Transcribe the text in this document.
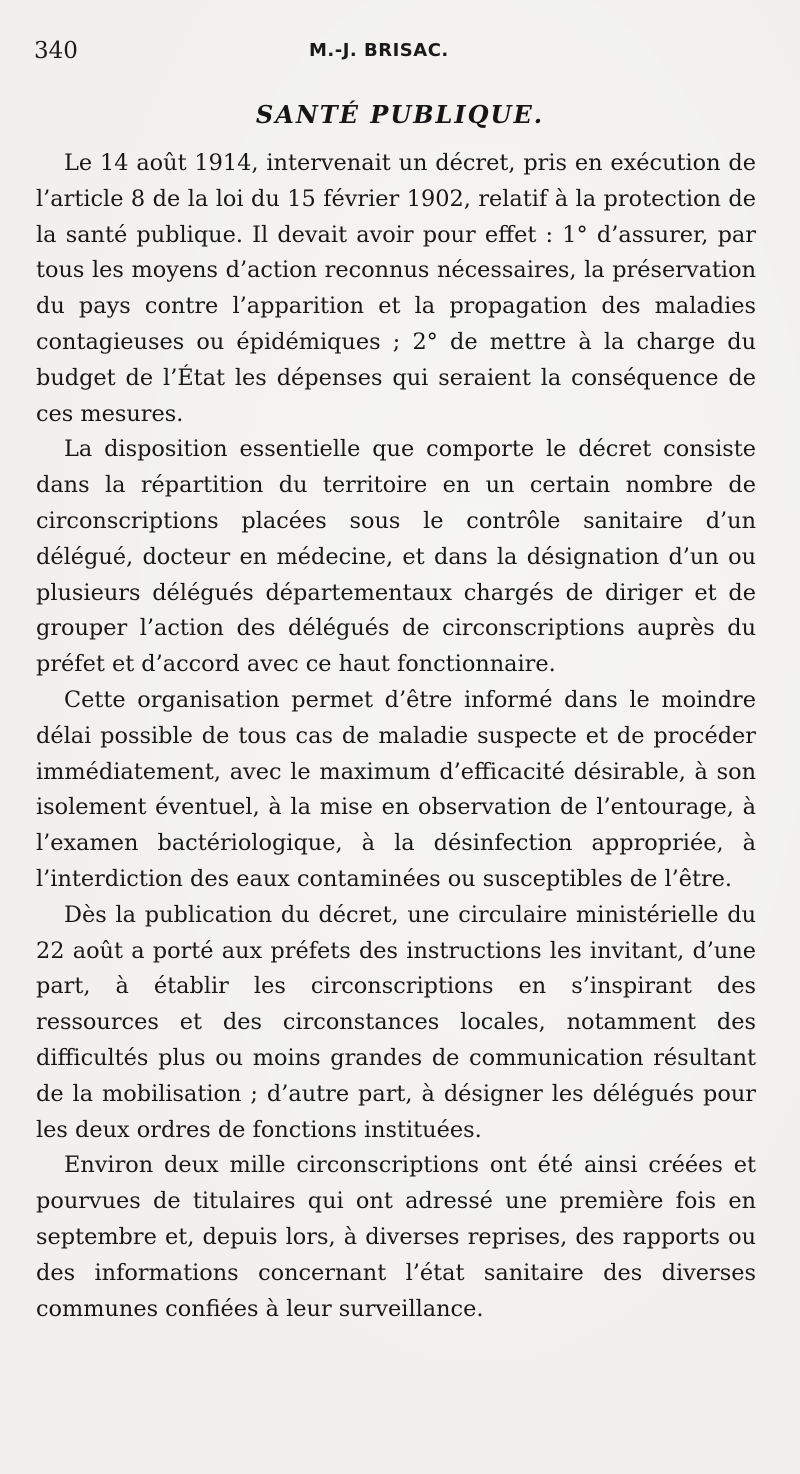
340	M.-J. BRISAC.
SANTÉ PUBLIQUE.

Le 14 août 1914, intervenait un décret, pris en exécution de l’article 8 de la loi du 15 février 1902, relatif à la protection de la santé publique. Il devait avoir pour effet : 1° d’assurer, par tous les moyens d’action reconnus nécessaires, la préservation du pays contre l’apparition et la propagation des maladies contagieuses ou épidémiques ; 2° de mettre à la charge du budget de l’État les dépenses qui seraient la conséquence de ces mesures.

La disposition essentielle que comporte le décret consiste dans la répartition du territoire en un certain nombre de circonscriptions placées sous le contrôle sanitaire d’un délégué, docteur en médecine, et dans la désignation d’un ou plusieurs délégués départementaux chargés de diriger et de grouper l’action des délégués de circonscriptions auprès du préfet et d’accord avec ce haut fonctionnaire.

Cette organisation permet d’être informé dans le moindre délai possible de tous cas de maladie suspecte et de procéder immédiatement, avec le maximum d’efficacité désirable, à son isolement éventuel, à la mise en observation de l’entourage, à l’examen bactériologique, à la désinfection appropriée, à l’interdiction des eaux contaminées ou susceptibles de l’être.

Dès la publication du décret, une circulaire ministérielle du 22 août a porté aux préfets des instructions les invitant, d’une part, à établir les circonscriptions en s’inspirant des ressources et des circonstances locales, notamment des difficultés plus ou moins grandes de communication résultant de la mobilisation ; d’autre part, à désigner les délégués pour les deux ordres de fonctions instituées.

Environ deux mille circonscriptions ont été ainsi créées et pourvues de titulaires qui ont adressé une première fois en septembre et, depuis lors, à diverses reprises, des rapports ou des informations concernant l’état sanitaire des diverses communes confiées à leur surveillance.
